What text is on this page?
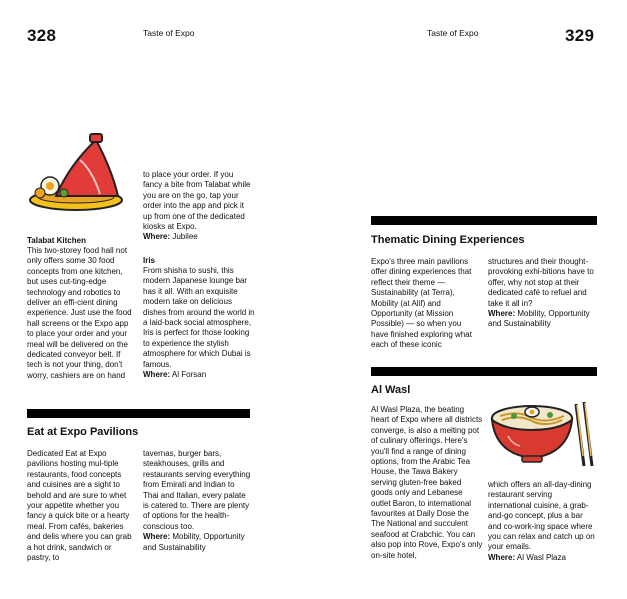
328	Taste of Expo
Talabat Kitchen
This two-storey food hall not only offers some 30 food concepts from one kitchen, but uses cut-ting-edge technology and robotics to deliver an effi-cient dining experience. Just use the food hall screens or the Expo app to place your order and your meal will be delivered on the dedicated conveyor belt. If tech is not your thing, don't worry, cashiers are on hand

to place your order. If you fancy a bite from Talabat while you are on the go, tap your order into the app and pick it up from one of the dedicated kiosks at Expo.

Where: Jubilee

Iris

From shisha to sushi, this modern Japanese lounge bar has it all. With an exquisite modern take on delicious dishes from around the world in a laid-back social atmosphere, Iris is perfect for those looking to experience the stylish atmosphere for which Dubai is famous.

Where: Al Forsan

Eat at Expo Pavilions
Dedicated Eat at Expo pavilions hosting mul-tiple restaurants, food concepts and cuisines are a sight to behold and are sure to whet your appetite whether you fancy a quick bite or a hearty meal. From cafés, bakeries and delis where you can grab a hot drink, sandwich or pastry, to

tavernas, burger bars, steakhouses, grills and restaurants serving everything from Emirati and Indian to Thai and Italian, every palate is catered to. There are plenty of options for the health-conscious too.

Where: Mobility, Opportunity and Sustainability

Taste of Expo	329
Thematic Dining Experiences
Expo's three main pavilions offer dining experiences that reflect their theme — Sustainability (at Terra), Mobility (at Alif) and Opportunity (at Mission Possible) — so when you have finished exploring what each of these iconic

structures and their thought-provoking exhi-bitions have to offer, why not stop at their dedicated café to refuel and take it all in?

Where: Mobility, Opportunity and Sustainability

Al Wasl
Al Wasl Plaza, the beating heart of Expo where all districts converge, is also a melting pot of culinary offerings. Here's you'll find a range of dining options, from the Arabic Tea House, the Tawa Bakery serving gluten-free baked goods only and Lebanese outlet Baron, to international favourites at Daily Dose the The National and succulent seafood at Crabchic. You can also pop into Rove, Expo's only on-site hotel,

which offers an all-day-dining restaurant serving international cuisine, a grab-and-go concept, plus a bar and co-work-ing space where you can relax and catch up on your emails.

Where: Al Wasl Plaza
